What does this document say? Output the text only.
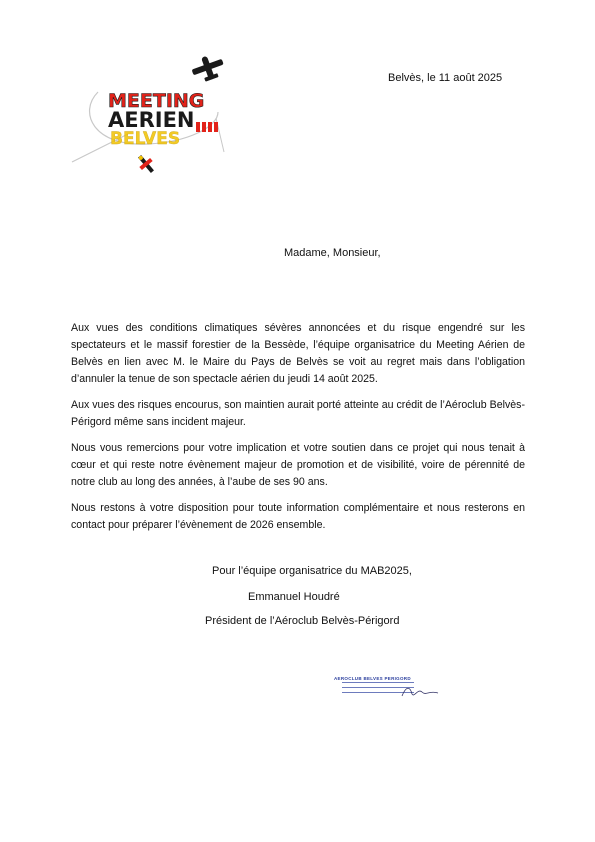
MEETING
AERIEN
BELVES
Belvès, le 11 août 2025
Madame, Monsieur,

Aux vues des conditions climatiques sévères annoncées et du risque engendré sur les spectateurs et le massif forestier de la Bessède, l’équipe organisatrice du Meeting Aérien de Belvès en lien avec M. le Maire du Pays de Belvès se voit au regret mais dans l’obligation d’annuler la tenue de son spectacle aérien du jeudi 14 août 2025.

Aux vues des risques encourus, son maintien aurait porté atteinte au crédit de l’Aéroclub Belvès-Périgord même sans incident majeur.

Nous vous remercions pour votre implication et votre soutien dans ce projet qui nous tenait à cœur et qui reste notre évènement majeur de promotion et de visibilité, voire de pérennité de notre club au long des années, à l’aube de ses 90 ans.

Nous restons à votre disposition pour toute information complémentaire et nous resterons en contact pour préparer l’évènement de 2026 ensemble.

Pour l’équipe organisatrice du MAB2025,
Emmanuel Houdré
Président de l’Aéroclub Belvès-Périgord
AEROCLUB BELVES PERIGORD
